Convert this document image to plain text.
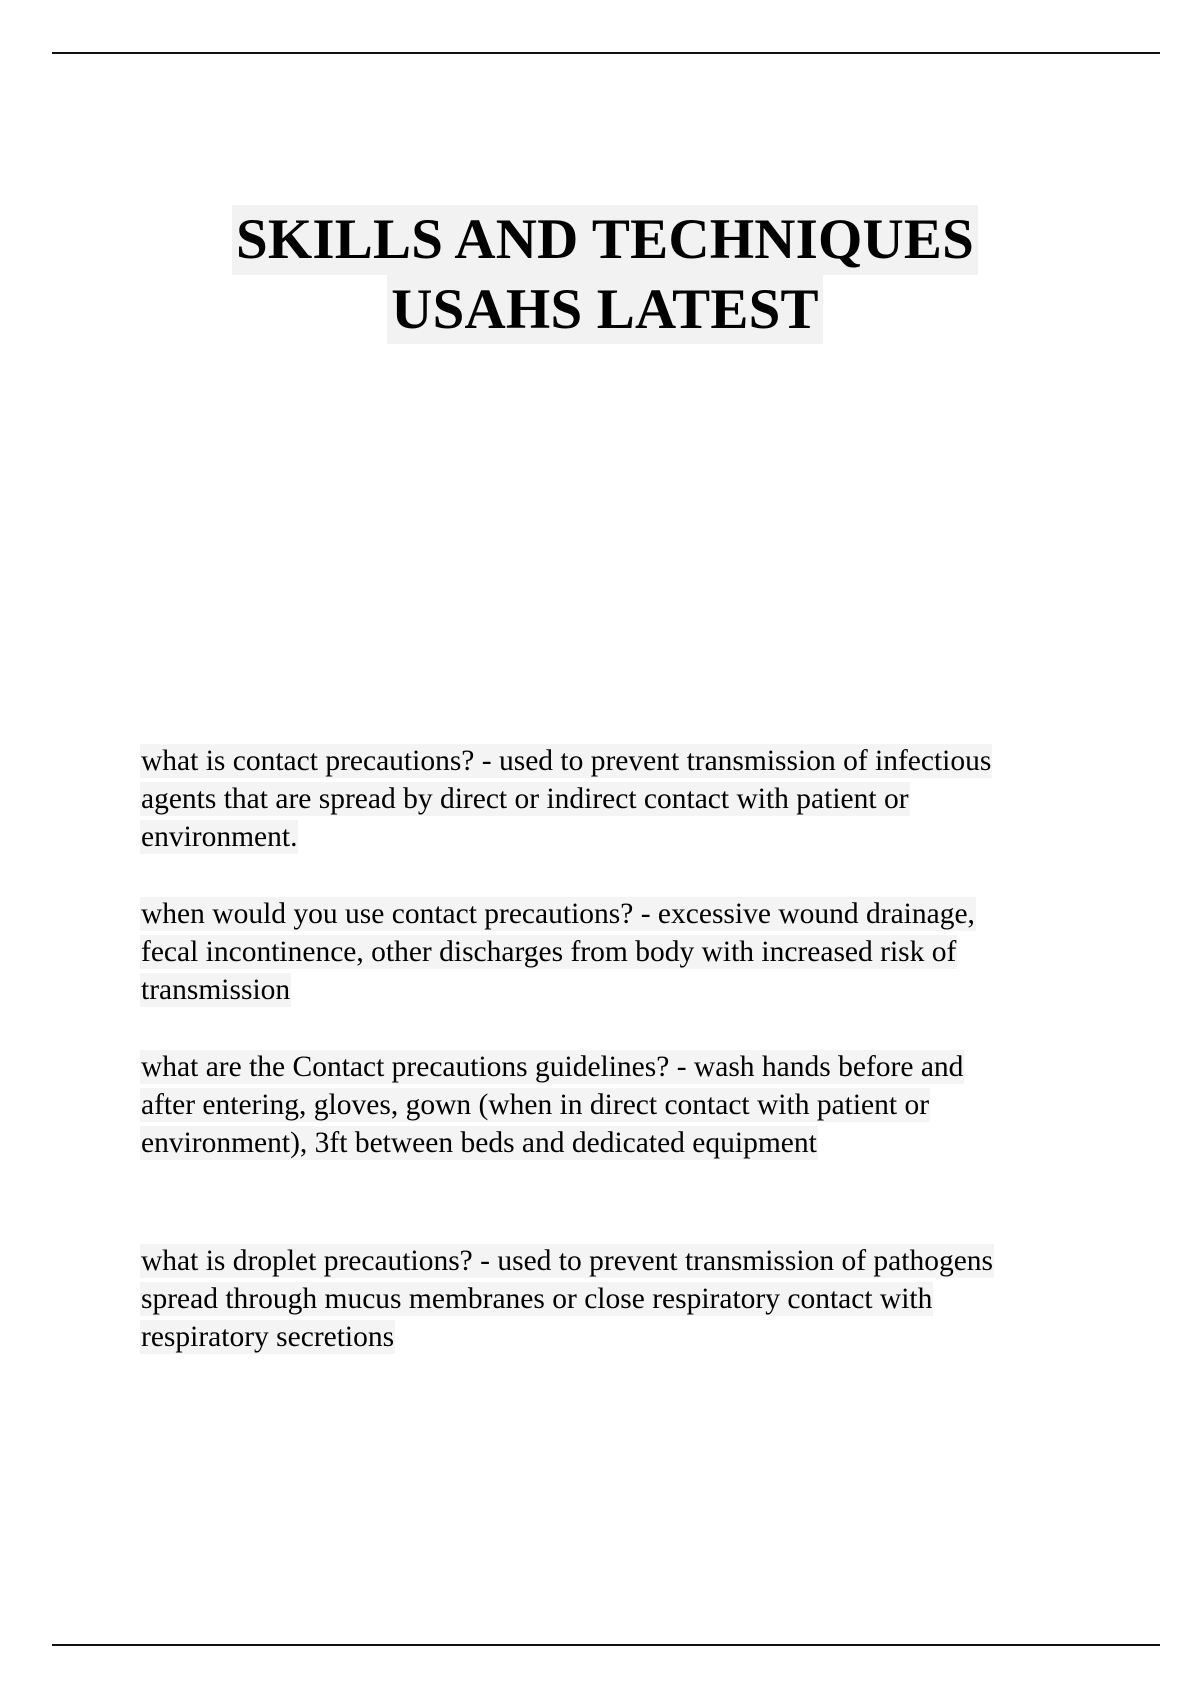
SKILLS AND TECHNIQUES
USAHS LATEST

what is contact precautions? - used to prevent transmission of infectious agents that are spread by direct or indirect contact with patient or environment.

when would you use contact precautions? - excessive wound drainage, fecal incontinence, other discharges from body with increased risk of transmission

what are the Contact precautions guidelines? - wash hands before and after entering, gloves, gown (when in direct contact with patient or environment), 3ft between beds and dedicated equipment

what is droplet precautions? - used to prevent transmission of pathogens spread through mucus membranes or close respiratory contact with respiratory secretions
